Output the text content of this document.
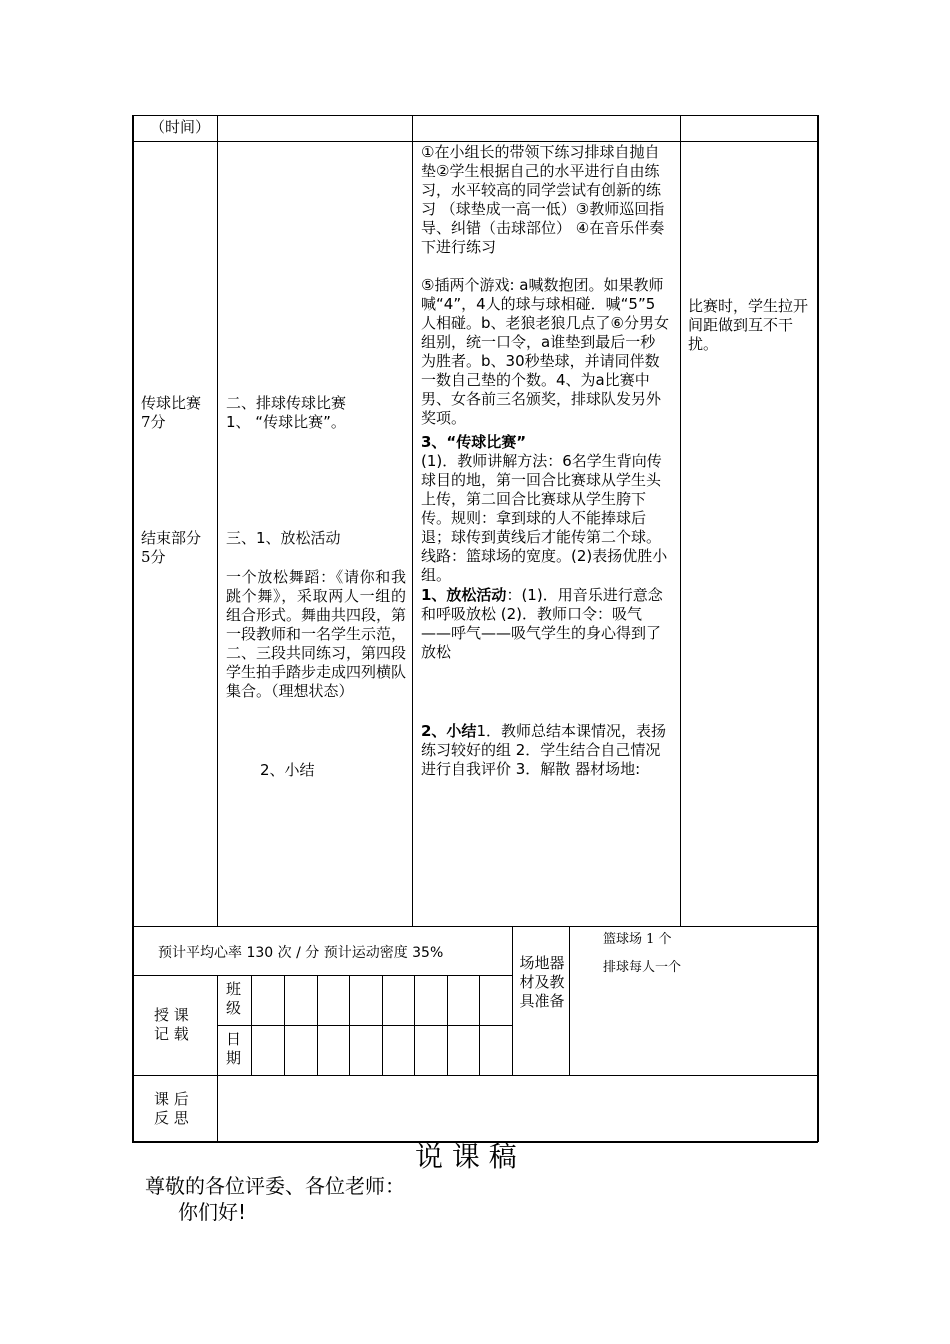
（时间）
传球比赛
7分
结束部分
5分
二、排球传球比赛
1、 “传球比赛”。
三、1、放松活动
一个放松舞蹈：《请你和我跳个舞》，采取两人一组的组合形式。舞曲共四段，第一段教师和一名学生示范，二、三段共同练习，第四段学生拍手踏步走成四列横队集合。（理想状态）
2、小结
①在小组长的带领下练习排球自抛自垫②学生根据自己的水平进行自由练习，水平较高的同学尝试有创新的练习 （球垫成一高一低）③教师巡回指导、纠错（击球部位） ④在音乐伴奏下进行练习
⑤插两个游戏: a喊数抱团。如果教师喊“4”，4人的球与球相碰．喊“5”5人相碰。b、老狼老狼几点了⑥分男女组别，统一口令，a谁垫到最后一秒为胜者。b、30秒垫球，并请同伴数一数自己垫的个数。4、为a比赛中男、女各前三名颁奖，排球队发另外奖项。
3、“传球比赛”
(1)．教师讲解方法：6名学生背向传球目的地，第一回合比赛球从学生头上传，第二回合比赛球从学生胯下传。规则：拿到球的人不能捧球后退；球传到黄线后才能传第二个球。线路：篮球场的宽度。(2)表扬优胜小组。
1、放松活动：(1)．用音乐进行意念和呼吸放松 (2)．教师口令：吸气——呼气——吸气学生的身心得到了放松
2、小结1．教师总结本课情况，表扬练习较好的组 2．学生结合自己情况进行自我评价 3．解散 器材场地:
比赛时，学生拉开间距做到互不干扰。
预计平均心率 130 次 / 分 预计运动密度 35%
场地器材及教具准备
篮球场 1 个
排球每人一个
授 课
记 载
班
级
日
期
课 后
反 思
说 课 稿
尊敬的各位评委、各位老师：
你们好!
